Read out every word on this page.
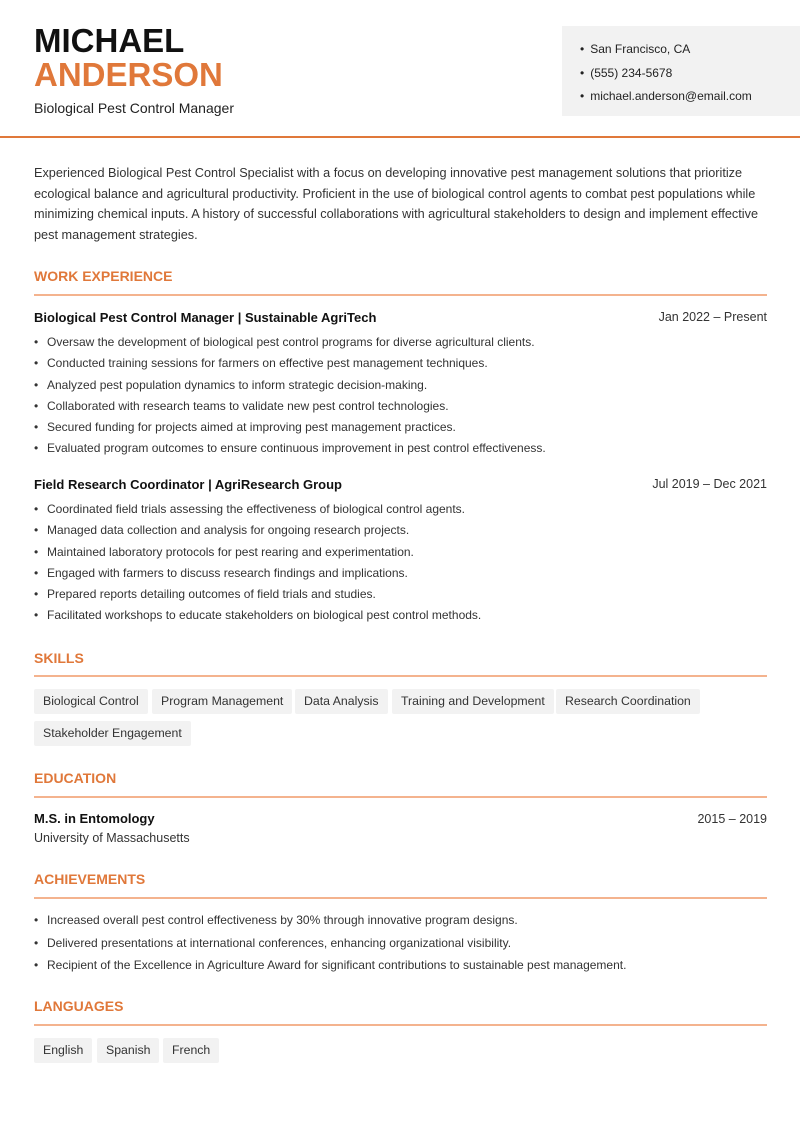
MICHAEL
ANDERSON
Biological Pest Control Manager
• San Francisco, CA
• (555) 234-5678
• michael.anderson@email.com
Experienced Biological Pest Control Specialist with a focus on developing innovative pest management solutions that prioritize ecological balance and agricultural productivity. Proficient in the use of biological control agents to combat pest populations while minimizing chemical inputs. A history of successful collaborations with agricultural stakeholders to design and implement effective pest management strategies.
WORK EXPERIENCE
Biological Pest Control Manager | Sustainable AgriTech	Jan 2022 – Present
• Oversaw the development of biological pest control programs for diverse agricultural clients.
• Conducted training sessions for farmers on effective pest management techniques.
• Analyzed pest population dynamics to inform strategic decision-making.
• Collaborated with research teams to validate new pest control technologies.
• Secured funding for projects aimed at improving pest management practices.
• Evaluated program outcomes to ensure continuous improvement in pest control effectiveness.
Field Research Coordinator | AgriResearch Group	Jul 2019 – Dec 2021
• Coordinated field trials assessing the effectiveness of biological control agents.
• Managed data collection and analysis for ongoing research projects.
• Maintained laboratory protocols for pest rearing and experimentation.
• Engaged with farmers to discuss research findings and implications.
• Prepared reports detailing outcomes of field trials and studies.
• Facilitated workshops to educate stakeholders on biological pest control methods.
SKILLS
Biological Control	Program Management	Data Analysis	Training and Development	Research Coordination
Stakeholder Engagement
EDUCATION
M.S. in Entomology	2015 – 2019
University of Massachusetts
ACHIEVEMENTS
• Increased overall pest control effectiveness by 30% through innovative program designs.
• Delivered presentations at international conferences, enhancing organizational visibility.
• Recipient of the Excellence in Agriculture Award for significant contributions to sustainable pest management.
LANGUAGES
English	Spanish	French
